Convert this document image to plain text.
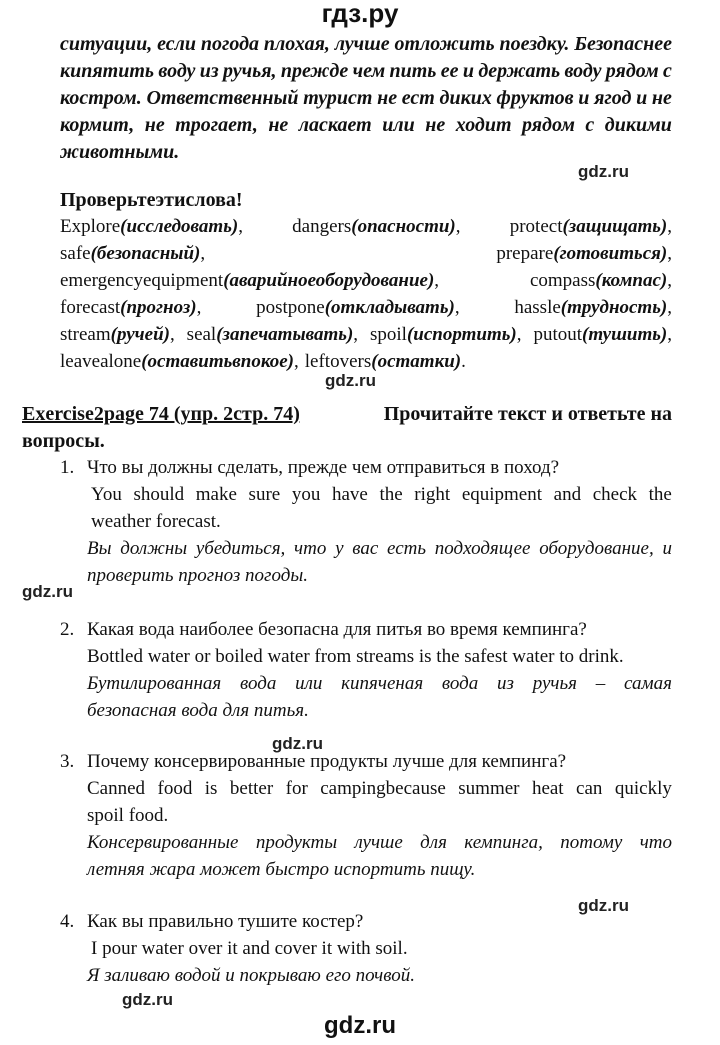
гдз.ру
ситуации, если погода плохая, лучше отложить поездку. Безопаснее
кипятить воду из ручья, прежде чем пить ее и держать воду рядом с
костром. Ответственный турист не ест диких фруктов и ягод и не
кормит, не трогает, не ласкает или не ходит рядом с дикими
животными.
gdz.ru
Проверьтеэтислова!
Explore(исследовать),	dangers(опасности),	protect(защищать),
safe(безопасный),	prepare(готовиться),
emergencyequipment(аварийноеоборудование),	compass(компас),
forecast(прогноз),	postpone(откладывать),	hassle(трудность),
stream(ручей), seal(запечатывать), spoil(испортить), putout(тушить),
leavealone(оставитьвпокое), leftovers(остатки).
gdz.ru
Exercise2page 74 (упр. 2стр. 74)	Прочитайте текст и ответьте на
вопросы.
1. Что вы должны сделать, прежде чем отправиться в поход?
You should make sure you have the right equipment and check the
weather forecast.
Вы должны убедиться, что у вас есть подходящее оборудование, и
проверить прогноз погоды.
gdz.ru
2. Какая вода наиболее безопасна для питья во время кемпинга?
Bottled water or boiled water from streams is the safest water to drink.
Бутилированная вода или кипяченая вода из ручья – самая
безопасная вода для питья.
gdz.ru
3. Почему консервированные продукты лучше для кемпинга?
Canned food is better for campingbecause summer heat can quickly
spoil food.
Консервированные продукты лучше для кемпинга, потому что
летняя жара может быстро испортить пищу.
gdz.ru
4. Как вы правильно тушите костер?
I pour water over it and cover it with soil.
Я заливаю водой и покрываю его почвой.
gdz.ru
gdz.ru
